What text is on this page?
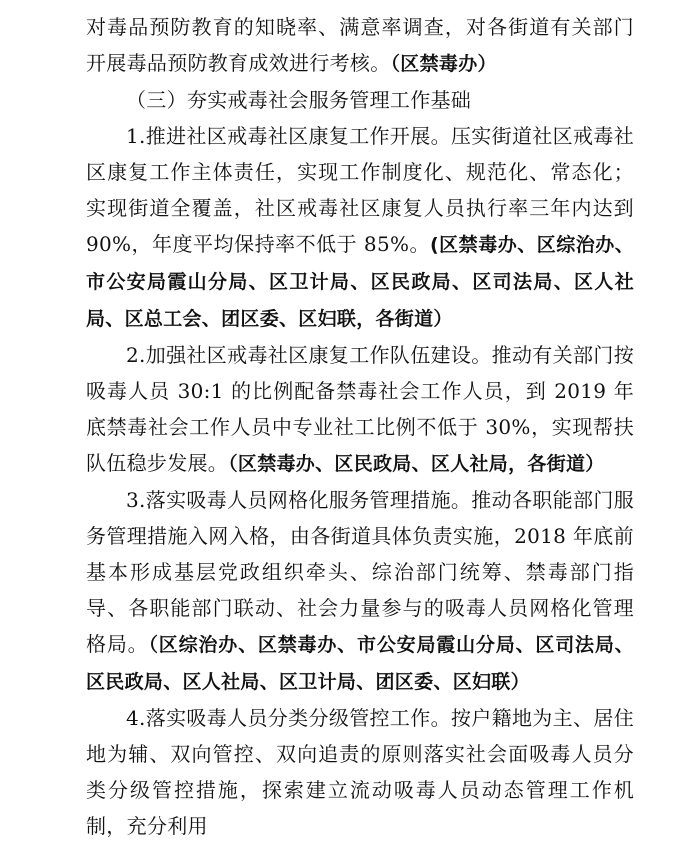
对毒品预防教育的知晓率、满意率调查，对各街道有关部门开展毒品预防教育成效进行考核。（区禁毒办）

（三）夯实戒毒社会服务管理工作基础

1.推进社区戒毒社区康复工作开展。压实街道社区戒毒社区康复工作主体责任，实现工作制度化、规范化、常态化；实现街道全覆盖，社区戒毒社区康复人员执行率三年内达到 90%，年度平均保持率不低于 85%。(区禁毒办、区综治办、市公安局霞山分局、区卫计局、区民政局、区司法局、区人社局、区总工会、团区委、区妇联，各街道）

2.加强社区戒毒社区康复工作队伍建设。推动有关部门按吸毒人员 30:1 的比例配备禁毒社会工作人员，到 2019 年底禁毒社会工作人员中专业社工比例不低于 30%，实现帮扶队伍稳步发展。（区禁毒办、区民政局、区人社局，各街道）

3.落实吸毒人员网格化服务管理措施。推动各职能部门服务管理措施入网入格，由各街道具体负责实施，2018 年底前基本形成基层党政组织牵头、综治部门统筹、禁毒部门指导、各职能部门联动、社会力量参与的吸毒人员网格化管理格局。（区综治办、区禁毒办、市公安局霞山分局、区司法局、区民政局、区人社局、区卫计局、团区委、区妇联）

4.落实吸毒人员分类分级管控工作。按户籍地为主、居住地为辅、双向管控、双向追责的原则落实社会面吸毒人员分类分级管控措施，探索建立流动吸毒人员动态管理工作机制，充分利用
